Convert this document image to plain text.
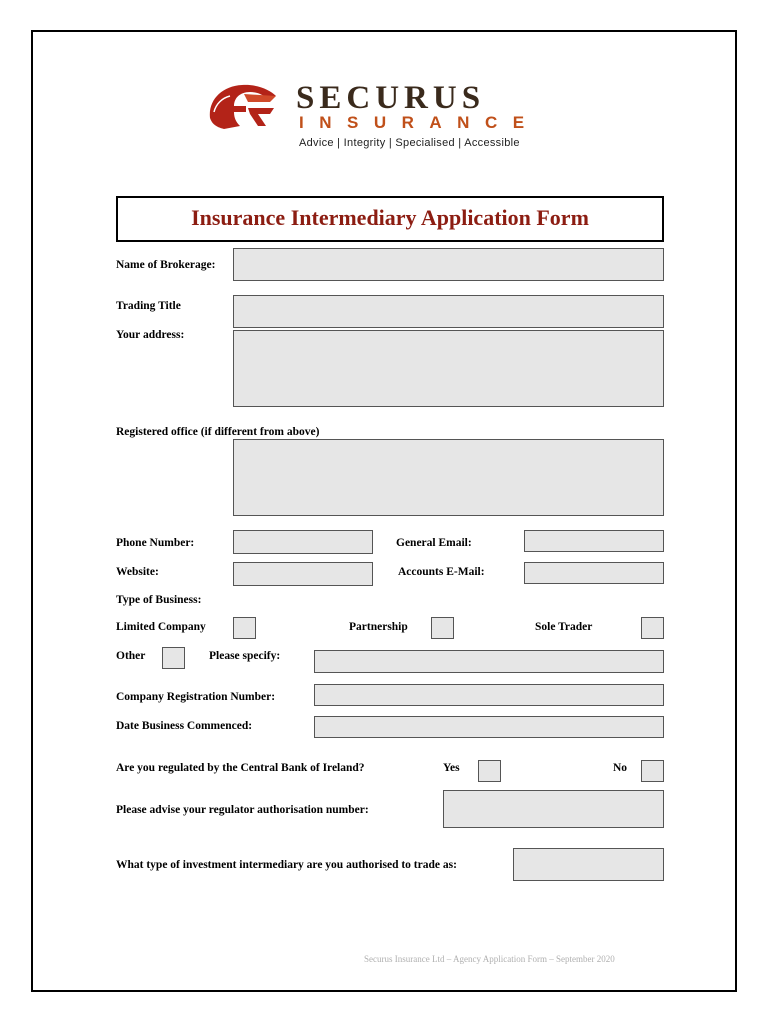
SECURUS
INSURANCE
Advice | Integrity | Specialised | Accessible
Insurance Intermediary Application Form
Name of Brokerage:
Trading Title
Your address:
Registered office (if different from above)
Phone Number:	General Email:
Website:	Accounts E-Mail:
Type of Business:
Limited Company	Partnership	Sole Trader
Other	Please specify:
Company Registration Number:
Date Business Commenced:
Are you regulated by the Central Bank of Ireland?	Yes	No
Please advise your regulator authorisation number:
What type of investment intermediary are you authorised to trade as:
Securus Insurance Ltd – Agency Application Form – September 2020
